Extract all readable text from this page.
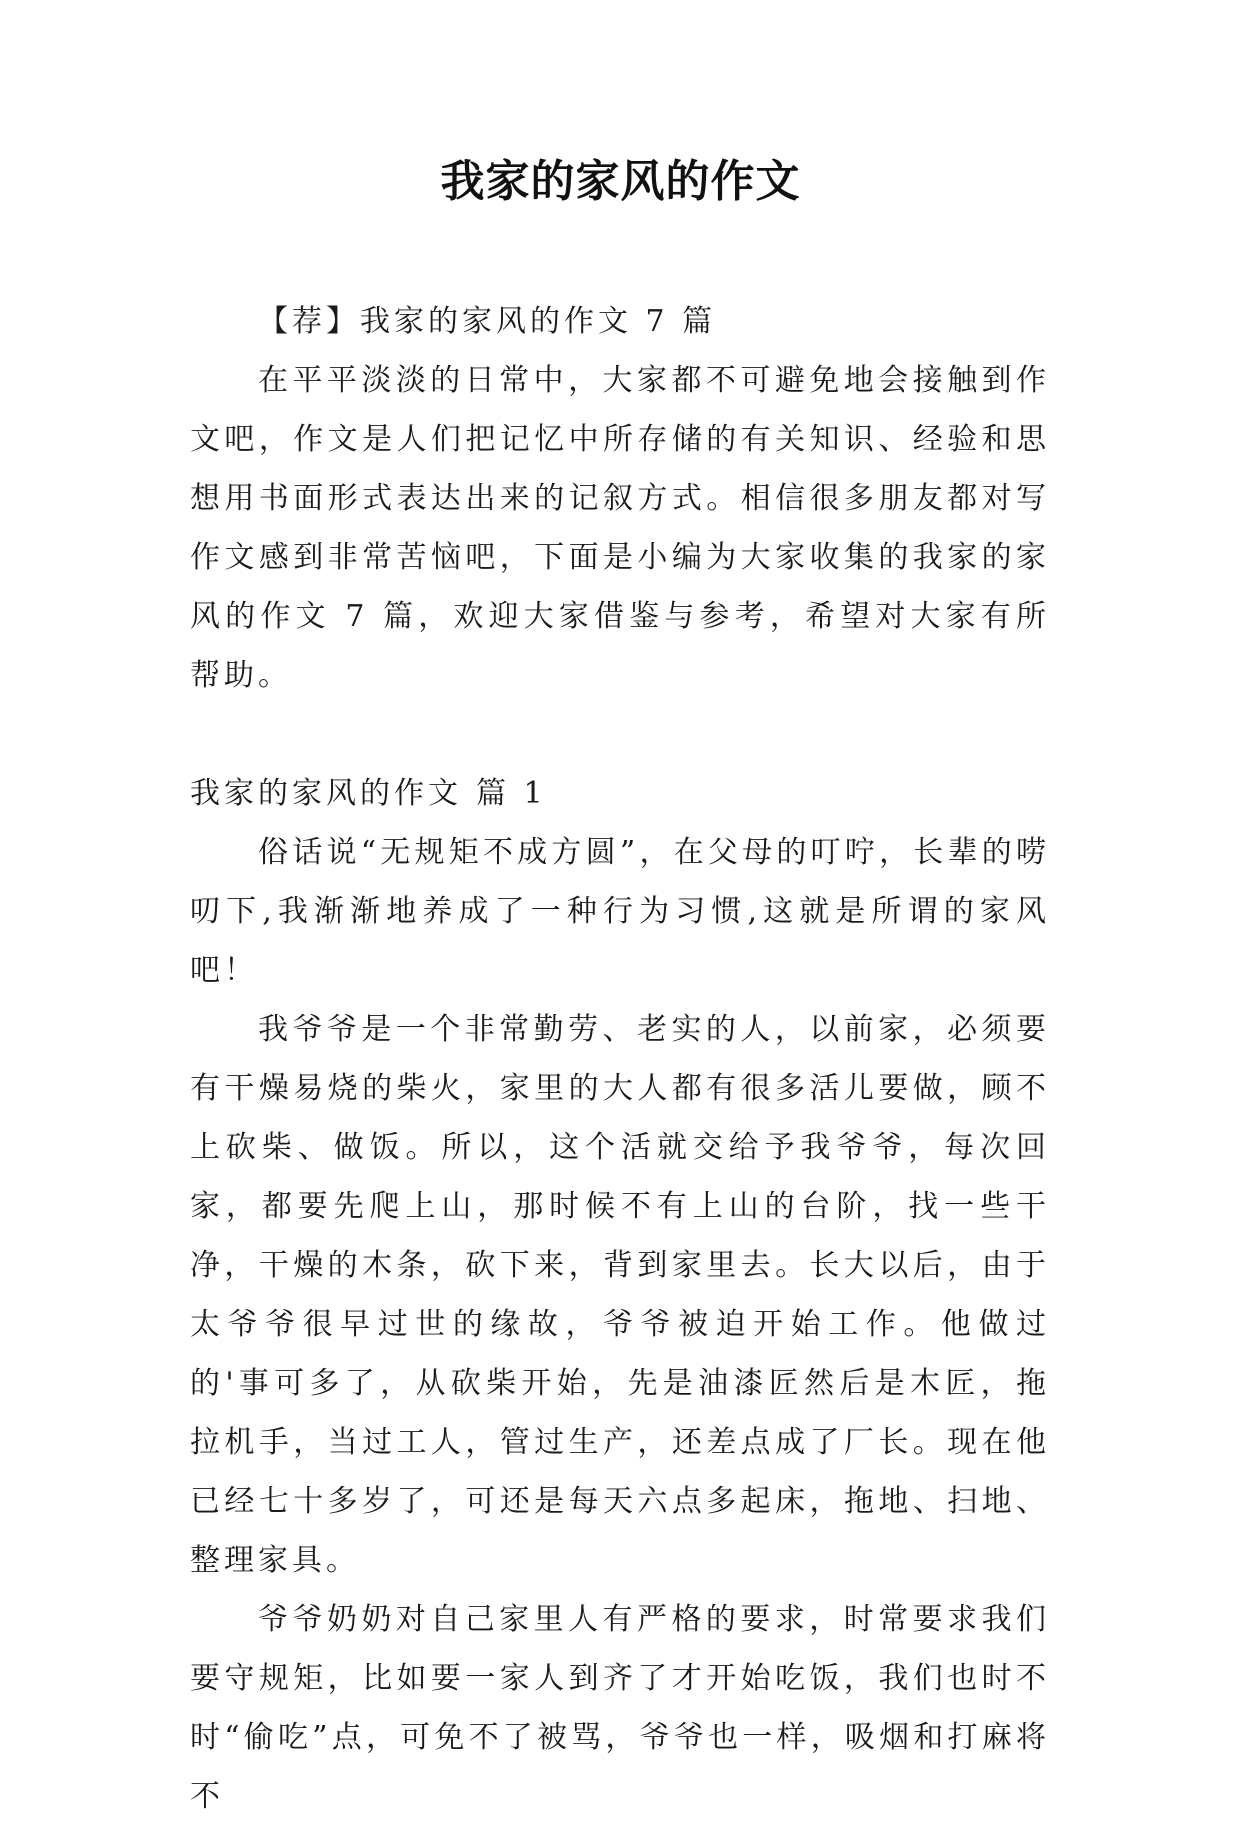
我家的家风的作文

【荐】我家的家风的作文 7 篇

在平平淡淡的日常中，大家都不可避免地会接触到作文吧，作文是人们把记忆中所存储的有关知识、经验和思想用书面形式表达出来的记叙方式。相信很多朋友都对写作文感到非常苦恼吧，下面是小编为大家收集的我家的家风的作文 7 篇，欢迎大家借鉴与参考，希望对大家有所帮助。

我家的家风的作文 篇 1

俗话说“无规矩不成方圆”，在父母的叮咛，长辈的唠叨下,我渐渐地养成了一种行为习惯,这就是所谓的家风吧！

我爷爷是一个非常勤劳、老实的人，以前家，必须要有干燥易烧的柴火，家里的大人都有很多活儿要做，顾不上砍柴、做饭。所以，这个活就交给予我爷爷，每次回家，都要先爬上山，那时候不有上山的台阶，找一些干净，干燥的木条，砍下来，背到家里去。长大以后，由于太爷爷很早过世的缘故，爷爷被迫开始工作。他做过的'事可多了，从砍柴开始，先是油漆匠然后是木匠，拖拉机手，当过工人，管过生产，还差点成了厂长。现在他已经七十多岁了，可还是每天六点多起床，拖地、扫地、整理家具。

爷爷奶奶对自己家里人有严格的要求，时常要求我们要守规矩，比如要一家人到齐了才开始吃饭，我们也时不时“偷吃”点，可免不了被骂，爷爷也一样，吸烟和打麻将不
